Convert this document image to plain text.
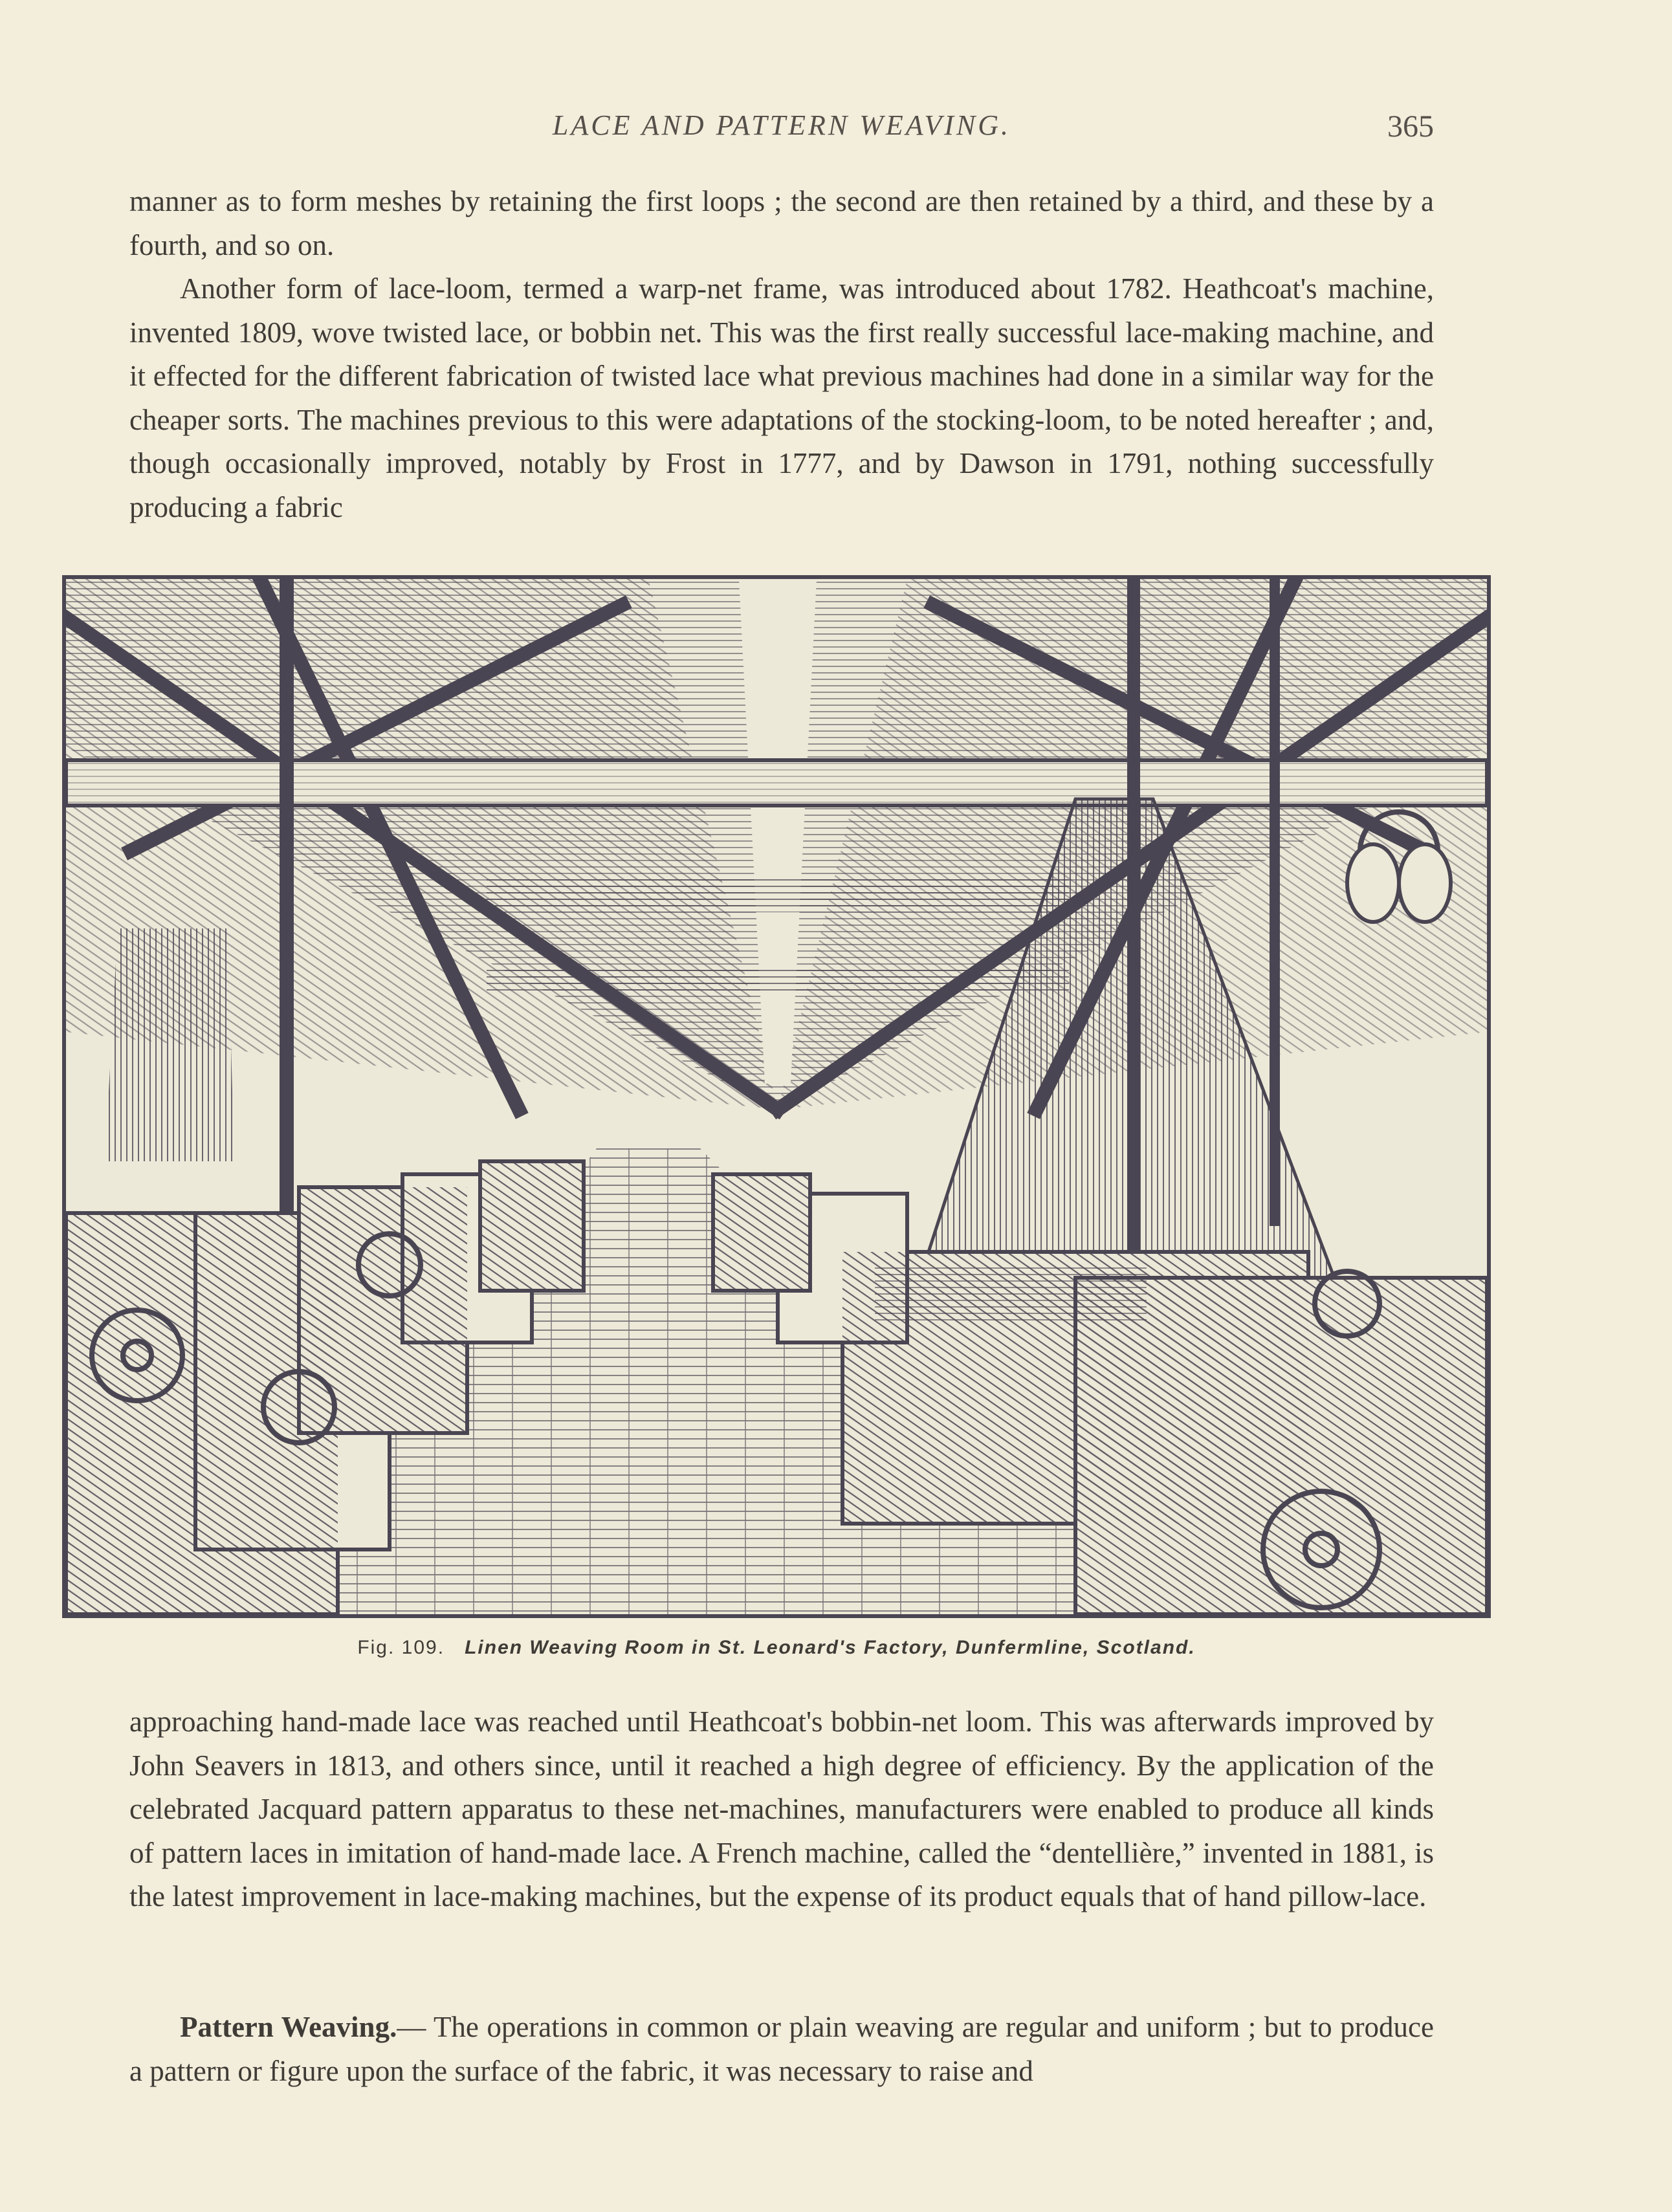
LACE AND PATTERN WEAVING.	365

manner as to form meshes by retaining the first loops ; the second are then retained by a third, and these by a fourth, and so on.

Another form of lace-loom, termed a warp-net frame, was introduced about 1782. Heathcoat's machine, invented 1809, wove twisted lace, or bobbin net. This was the first really successful lace-making machine, and it effected for the different fabrication of twisted lace what previous machines had done in a similar way for the cheaper sorts. The machines previous to this were adaptations of the stocking-loom, to be noted hereafter ; and, though occasionally improved, notably by Frost in 1777, and by Dawson in 1791, nothing successfully producing a fabric

Fig. 109. Linen Weaving Room in St. Leonard's Factory, Dunfermline, Scotland.

approaching hand-made lace was reached until Heathcoat's bobbin-net loom. This was afterwards improved by John Seavers in 1813, and others since, until it reached a high degree of efficiency. By the application of the celebrated Jacquard pattern apparatus to these net-machines, manufacturers were enabled to produce all kinds of pattern laces in imitation of hand-made lace. A French machine, called the “dentellière,” invented in 1881, is the latest improvement in lace-making machines, but the expense of its product equals that of hand pillow-lace.

Pattern Weaving.— The operations in common or plain weaving are regular and uniform ; but to produce a pattern or figure upon the surface of the fabric, it was necessary to raise and
